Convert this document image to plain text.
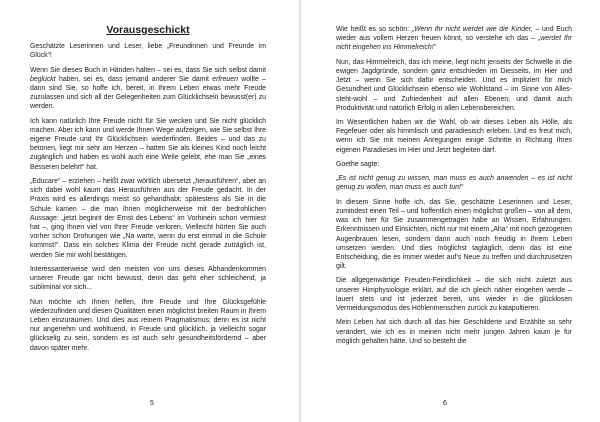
Vorausgeschickt

Geschätzte Leserinnen und Leser, liebe „Freundinnen und Freunde im Glück“!

Wenn Sie dieses Buch in Händen halten – sei es, dass Sie sich selbst damit beglückt haben, sei es, dass jemand anderer Sie damit erfreuen wollte – dann sind Sie, so hoffe ich, bereit, in Ihrem Leben etwas mehr Freude zuzulassen und sich all der Gelegenheiten zum Glücklichsein bewusst(er) zu werden.

Ich kann natürlich Ihre Freude nicht für Sie wecken und Sie nicht glücklich machen. Aber ich kann und werde Ihnen Wege aufzeigen, wie Sie selbst Ihre eigene Freude und Ihr Glücklichsein wiederfinden. Beides – und das zu betonen, liegt mir sehr am Herzen – hatten Sie als kleines Kind noch leicht zugänglich und haben es wohl auch eine Weile gelebt, ehe man Sie „eines Besseren belehrt“ hat.

„Educare“ – erziehen – heißt zwar wörtlich übersetzt „herausführen“, aber an sich dabei wohl kaum das Herausführen aus der Freude gedacht. In der Praxis wird es allerdings meist so gehandhabt: spätestens als Sie in die Schule kamen – die man Ihnen möglicherweise mit der bedrohlichen Aussage: „jetzt beginnt der Ernst des Lebens“ im Vorhinein schon vermiest hat –, ging Ihnen viel von Ihrer Freude verloren. Vielleicht hörten Sie auch vorher schon Drohungen wie „Na warte, wenn du erst einmal in die Schule kommst!“. Dass ein solches Klima der Freude nicht gerade zuträglich ist, werden Sie mir wohl bestätigen.

Interessanterweise wird den meisten von uns dieses Abhandenkommen unserer Freude gar nicht bewusst, denn das geht eher schleichend, ja subliminal vor sich...

Nun möchte ich Ihnen helfen, Ihre Freude und Ihre Glücksgefühle wiederzufinden und diesen Qualitäten einen möglichst breiten Raum in Ihrem Leben einzuräumen. Und dies aus reinem Pragmatismus; denn es ist nicht nur angenehm und wohltuend, in Freude und glücklich, ja vielleicht sogar glückselig zu sein, sondern es ist auch sehr gesundheitsfördernd – aber davon später mehr.

5

Wie heißt es so schön: „Wenn Ihr nicht werdet wie die Kinder, – und Euch wieder aus vollem Herzen freuen könnt, so verstehe ich das – „werdet Ihr nicht eingehen ins Himmelreich!“

Nun, das Himmelreich, das ich meine, liegt nicht jenseits der Schwelle in die ewigen Jagdgründe, sondern ganz entschieden im Diesseits, im Hier und Jetzt – wenn Sie sich dafür entscheiden. Und es impliziert für mich Gesundheit und Glücklichsein ebenso wie Wohlstand – im Sinne von Alles-steht-wohl – und Zufriedenheit auf allen Ebenen; und damit auch Produktivität und natürlich Erfolg in allen Lebensbereichen.

Im Wesentlichen haben wir die Wahl, ob wir dieses Leben als Hölle, als Fegefeuer oder als himmlisch und paradiesisch erleben. Und es freut mich, wenn ich Sie mit meinen Anregungen einige Schritte in Richtung Ihres eigenen Paradieses im Hier und Jetzt begleiten darf.

Goethe sagte:

„Es ist nicht genug zu wissen, man muss es auch anwenden – es ist nicht genug zu wollen, man muss es auch tun!“

In diesem Sinne hoffe ich, das Sie, geschätzte Leserinnen und Leser, zumindest einen Teil – und hoffentlich einen möglichst großen – von all dem, was ich hier für Sie zusammengetragen habe an Wissen, Erfahrungen, Erkenntnissen und Einsichten, nicht nur mit einem „Aha“ mit noch gezogenen Augenbrauen lesen, sondern dann auch noch freudig in Ihrem Leben umsetzen werden. Und dies möglichst tagtäglich, denn das ist eine Entscheidung, die es immer wieder auf‘s Neue zu treffen und durchzusetzen gilt.

Die allgegenwärtige Freuden-Feindlichkeit – die sich nicht zuletzt aus unserer Himphysiologie erklärt, auf die ich gleich näher eingehen werde – lauert stets und ist jederzeit bereit, uns wieder in die glücklosen Vermeidungsmodus des Höhlenmenschen zurück zu katapultieren.

Mein Leben hat sich durch all das hier Geschilderte und Erzählte so sehr verändert, wie ich es in meinen nicht mehr jungen Jahren kaum je für möglich gehalten hätte. Und so besteht die

6
